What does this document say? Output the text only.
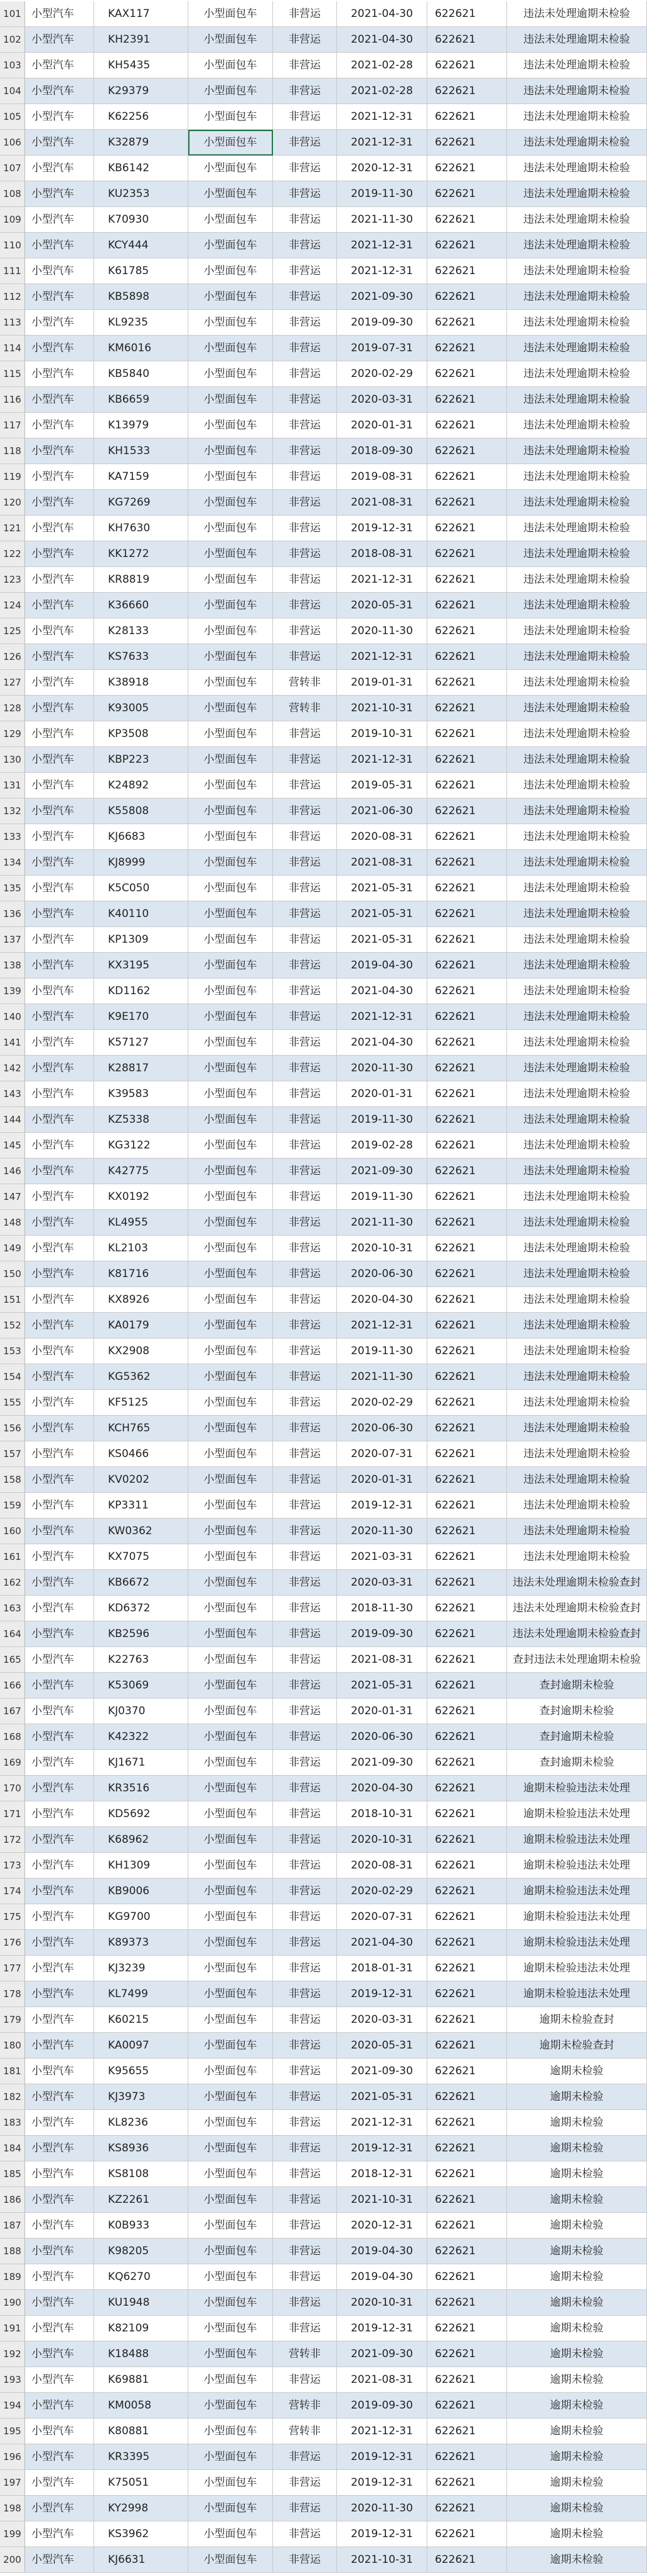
101 小型汽车	KAX117	小型面包车	非营运	2021-04-30	622621	违法未处理逾期未检验
102 小型汽车	KH2391	小型面包车	非营运	2021-04-30	622621	违法未处理逾期未检验
103 小型汽车	KH5435	小型面包车	非营运	2021-02-28	622621	违法未处理逾期未检验
104 小型汽车	K29379	小型面包车	非营运	2021-02-28	622621	违法未处理逾期未检验
105 小型汽车	K62256	小型面包车	非营运	2021-12-31	622621	违法未处理逾期未检验
106 小型汽车	K32879	小型面包车	非营运	2021-12-31	622621	违法未处理逾期未检验
107 小型汽车	KB6142	小型面包车	非营运	2020-12-31	622621	违法未处理逾期未检验
108 小型汽车	KU2353	小型面包车	非营运	2019-11-30	622621	违法未处理逾期未检验
109 小型汽车	K70930	小型面包车	非营运	2021-11-30	622621	违法未处理逾期未检验
110 小型汽车	KCY444	小型面包车	非营运	2021-12-31	622621	违法未处理逾期未检验
111 小型汽车	K61785	小型面包车	非营运	2021-12-31	622621	违法未处理逾期未检验
112 小型汽车	KB5898	小型面包车	非营运	2021-09-30	622621	违法未处理逾期未检验
113 小型汽车	KL9235	小型面包车	非营运	2019-09-30	622621	违法未处理逾期未检验
114 小型汽车	KM6016	小型面包车	非营运	2019-07-31	622621	违法未处理逾期未检验
115 小型汽车	KB5840	小型面包车	非营运	2020-02-29	622621	违法未处理逾期未检验
116 小型汽车	KB6659	小型面包车	非营运	2020-03-31	622621	违法未处理逾期未检验
117 小型汽车	K13979	小型面包车	非营运	2020-01-31	622621	违法未处理逾期未检验
118 小型汽车	KH1533	小型面包车	非营运	2018-09-30	622621	违法未处理逾期未检验
119 小型汽车	KA7159	小型面包车	非营运	2019-08-31	622621	违法未处理逾期未检验
120 小型汽车	KG7269	小型面包车	非营运	2021-08-31	622621	违法未处理逾期未检验
121 小型汽车	KH7630	小型面包车	非营运	2019-12-31	622621	违法未处理逾期未检验
122 小型汽车	KK1272	小型面包车	非营运	2018-08-31	622621	违法未处理逾期未检验
123 小型汽车	KR8819	小型面包车	非营运	2021-12-31	622621	违法未处理逾期未检验
124 小型汽车	K36660	小型面包车	非营运	2020-05-31	622621	违法未处理逾期未检验
125 小型汽车	K28133	小型面包车	非营运	2020-11-30	622621	违法未处理逾期未检验
126 小型汽车	KS7633	小型面包车	非营运	2021-12-31	622621	违法未处理逾期未检验
127 小型汽车	K38918	小型面包车	营转非	2019-01-31	622621	违法未处理逾期未检验
128 小型汽车	K93005	小型面包车	营转非	2021-10-31	622621	违法未处理逾期未检验
129 小型汽车	KP3508	小型面包车	非营运	2019-10-31	622621	违法未处理逾期未检验
130 小型汽车	KBP223	小型面包车	非营运	2021-12-31	622621	违法未处理逾期未检验
131 小型汽车	K24892	小型面包车	非营运	2019-05-31	622621	违法未处理逾期未检验
132 小型汽车	K55808	小型面包车	非营运	2021-06-30	622621	违法未处理逾期未检验
133 小型汽车	KJ6683	小型面包车	非营运	2020-08-31	622621	违法未处理逾期未检验
134 小型汽车	KJ8999	小型面包车	非营运	2021-08-31	622621	违法未处理逾期未检验
135 小型汽车	K5C050	小型面包车	非营运	2021-05-31	622621	违法未处理逾期未检验
136 小型汽车	K40110	小型面包车	非营运	2021-05-31	622621	违法未处理逾期未检验
137 小型汽车	KP1309	小型面包车	非营运	2021-05-31	622621	违法未处理逾期未检验
138 小型汽车	KX3195	小型面包车	非营运	2019-04-30	622621	违法未处理逾期未检验
139 小型汽车	KD1162	小型面包车	非营运	2021-04-30	622621	违法未处理逾期未检验
140 小型汽车	K9E170	小型面包车	非营运	2021-12-31	622621	违法未处理逾期未检验
141 小型汽车	K57127	小型面包车	非营运	2021-04-30	622621	违法未处理逾期未检验
142 小型汽车	K28817	小型面包车	非营运	2020-11-30	622621	违法未处理逾期未检验
143 小型汽车	K39583	小型面包车	非营运	2020-01-31	622621	违法未处理逾期未检验
144 小型汽车	KZ5338	小型面包车	非营运	2019-11-30	622621	违法未处理逾期未检验
145 小型汽车	KG3122	小型面包车	非营运	2019-02-28	622621	违法未处理逾期未检验
146 小型汽车	K42775	小型面包车	非营运	2021-09-30	622621	违法未处理逾期未检验
147 小型汽车	KX0192	小型面包车	非营运	2019-11-30	622621	违法未处理逾期未检验
148 小型汽车	KL4955	小型面包车	非营运	2021-11-30	622621	违法未处理逾期未检验
149 小型汽车	KL2103	小型面包车	非营运	2020-10-31	622621	违法未处理逾期未检验
150 小型汽车	K81716	小型面包车	非营运	2020-06-30	622621	违法未处理逾期未检验
151 小型汽车	KX8926	小型面包车	非营运	2020-04-30	622621	违法未处理逾期未检验
152 小型汽车	KA0179	小型面包车	非营运	2021-12-31	622621	违法未处理逾期未检验
153 小型汽车	KX2908	小型面包车	非营运	2019-11-30	622621	违法未处理逾期未检验
154 小型汽车	KG5362	小型面包车	非营运	2021-11-30	622621	违法未处理逾期未检验
155 小型汽车	KF5125	小型面包车	非营运	2020-02-29	622621	违法未处理逾期未检验
156 小型汽车	KCH765	小型面包车	非营运	2020-06-30	622621	违法未处理逾期未检验
157 小型汽车	KS0466	小型面包车	非营运	2020-07-31	622621	违法未处理逾期未检验
158 小型汽车	KV0202	小型面包车	非营运	2020-01-31	622621	违法未处理逾期未检验
159 小型汽车	KP3311	小型面包车	非营运	2019-12-31	622621	违法未处理逾期未检验
160 小型汽车	KW0362	小型面包车	非营运	2020-11-30	622621	违法未处理逾期未检验
161 小型汽车	KX7075	小型面包车	非营运	2021-03-31	622621	违法未处理逾期未检验
162 小型汽车	KB6672	小型面包车	非营运	2020-03-31	622621	违法未处理逾期未检验查封
163 小型汽车	KD6372	小型面包车	非营运	2018-11-30	622621	违法未处理逾期未检验查封
164 小型汽车	KB2596	小型面包车	非营运	2019-09-30	622621	违法未处理逾期未检验查封
165 小型汽车	K22763	小型面包车	非营运	2021-08-31	622621	查封违法未处理逾期未检验
166 小型汽车	K53069	小型面包车	非营运	2021-05-31	622621	查封逾期未检验
167 小型汽车	KJ0370	小型面包车	非营运	2020-01-31	622621	查封逾期未检验
168 小型汽车	K42322	小型面包车	非营运	2020-06-30	622621	查封逾期未检验
169 小型汽车	KJ1671	小型面包车	非营运	2021-09-30	622621	查封逾期未检验
170 小型汽车	KR3516	小型面包车	非营运	2020-04-30	622621	逾期未检验违法未处理
171 小型汽车	KD5692	小型面包车	非营运	2018-10-31	622621	逾期未检验违法未处理
172 小型汽车	K68962	小型面包车	非营运	2020-10-31	622621	逾期未检验违法未处理
173 小型汽车	KH1309	小型面包车	非营运	2020-08-31	622621	逾期未检验违法未处理
174 小型汽车	KB9006	小型面包车	非营运	2020-02-29	622621	逾期未检验违法未处理
175 小型汽车	KG9700	小型面包车	非营运	2020-07-31	622621	逾期未检验违法未处理
176 小型汽车	K89373	小型面包车	非营运	2021-04-30	622621	逾期未检验违法未处理
177 小型汽车	KJ3239	小型面包车	非营运	2018-01-31	622621	逾期未检验违法未处理
178 小型汽车	KL7499	小型面包车	非营运	2019-12-31	622621	逾期未检验违法未处理
179 小型汽车	K60215	小型面包车	非营运	2020-03-31	622621	逾期未检验查封
180 小型汽车	KA0097	小型面包车	非营运	2020-05-31	622621	逾期未检验查封
181 小型汽车	K95655	小型面包车	非营运	2021-09-30	622621	逾期未检验
182 小型汽车	KJ3973	小型面包车	非营运	2021-05-31	622621	逾期未检验
183 小型汽车	KL8236	小型面包车	非营运	2021-12-31	622621	逾期未检验
184 小型汽车	KS8936	小型面包车	非营运	2019-12-31	622621	逾期未检验
185 小型汽车	KS8108	小型面包车	非营运	2018-12-31	622621	逾期未检验
186 小型汽车	KZ2261	小型面包车	非营运	2021-10-31	622621	逾期未检验
187 小型汽车	K0B933	小型面包车	非营运	2020-12-31	622621	逾期未检验
188 小型汽车	K98205	小型面包车	非营运	2019-04-30	622621	逾期未检验
189 小型汽车	KQ6270	小型面包车	非营运	2019-04-30	622621	逾期未检验
190 小型汽车	KU1948	小型面包车	非营运	2020-10-31	622621	逾期未检验
191 小型汽车	K82109	小型面包车	非营运	2019-12-31	622621	逾期未检验
192 小型汽车	K18488	小型面包车	营转非	2021-09-30	622621	逾期未检验
193 小型汽车	K69881	小型面包车	非营运	2021-08-31	622621	逾期未检验
194 小型汽车	KM0058	小型面包车	营转非	2019-09-30	622621	逾期未检验
195 小型汽车	K80881	小型面包车	营转非	2021-12-31	622621	逾期未检验
196 小型汽车	KR3395	小型面包车	非营运	2019-12-31	622621	逾期未检验
197 小型汽车	K75051	小型面包车	非营运	2019-12-31	622621	逾期未检验
198 小型汽车	KY2998	小型面包车	非营运	2020-11-30	622621	逾期未检验
199 小型汽车	KS3962	小型面包车	非营运	2019-12-31	622621	逾期未检验
200 小型汽车	KJ6631	小型面包车	非营运	2021-10-31	622621	逾期未检验
